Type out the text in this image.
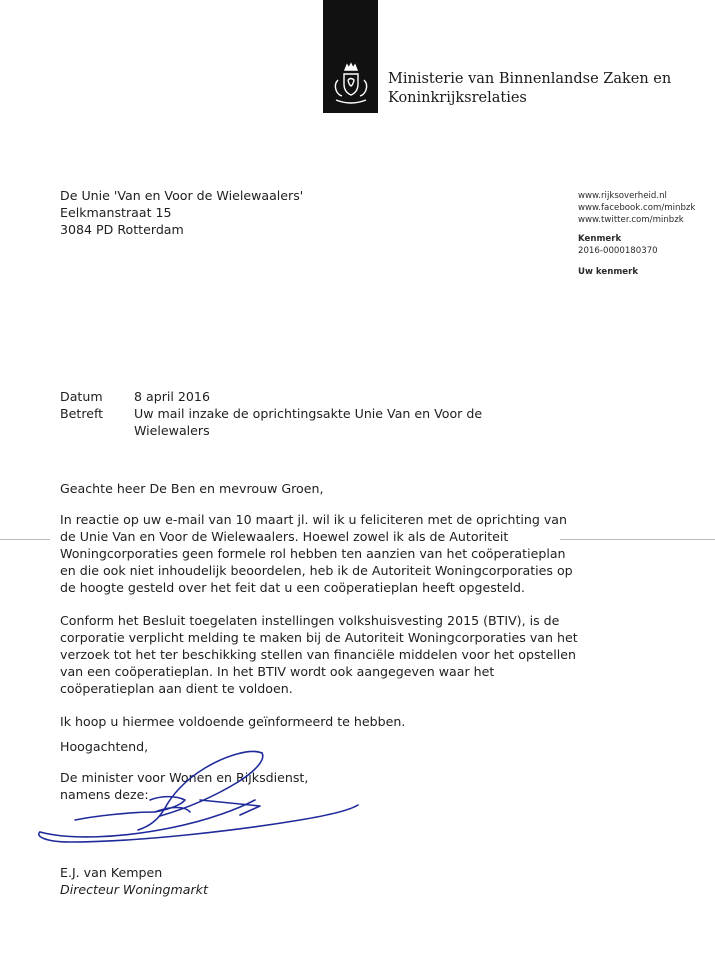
Ministerie van Binnenlandse Zaken en
Koninkrijksrelaties
De Unie 'Van en Voor de Wielewaalers'
Eelkmanstraat 15
3084 PD Rotterdam
www.rijksoverheid.nl
www.facebook.com/minbzk
www.twitter.com/minbzk
Kenmerk
2016-0000180370
Uw kenmerk
Datum	8 april 2016
Betreft	Uw mail inzake de oprichtingsakte Unie Van en Voor de
Wielewalers

Geachte heer De Ben en mevrouw Groen,

In reactie op uw e-mail van 10 maart jl. wil ik u feliciteren met de oprichting van
de Unie Van en Voor de Wielewaalers. Hoewel zowel ik als de Autoriteit
Woningcorporaties geen formele rol hebben ten aanzien van het coöperatieplan
en die ook niet inhoudelijk beoordelen, heb ik de Autoriteit Woningcorporaties op
de hoogte gesteld over het feit dat u een coöperatieplan heeft opgesteld.

Conform het Besluit toegelaten instellingen volkshuisvesting 2015 (BTIV), is de
corporatie verplicht melding te maken bij de Autoriteit Woningcorporaties van het
verzoek tot het ter beschikking stellen van financiële middelen voor het opstellen
van een coöperatieplan. In het BTIV wordt ook aangegeven waar het
coöperatieplan aan dient te voldoen.

Ik hoop u hiermee voldoende geïnformeerd te hebben.

Hoogachtend,
De minister voor Wonen en Rijksdienst,
namens deze:
E.J. van Kempen
Directeur Woningmarkt
